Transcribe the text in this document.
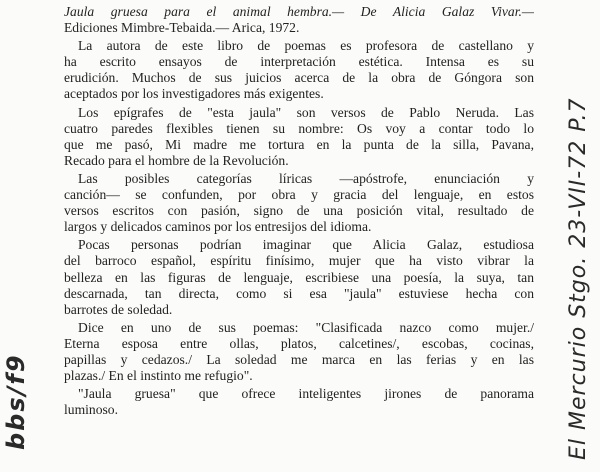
Jaula gruesa para el animal hembra.— De Alicia Galaz Vivar.—
Ediciones Mimbre-Tebaida.— Arica, 1972.
La autora de este libro de poemas es profesora de castellano y
ha escrito ensayos de interpretación estética. Intensa es su
erudición. Muchos de sus juicios acerca de la obra de Góngora son
aceptados por los investigadores más exigentes.
Los epígrafes de "esta jaula" son versos de Pablo Neruda. Las
cuatro paredes flexibles tienen su nombre: Os voy a contar todo lo
que me pasó, Mi madre me tortura en la punta de la silla, Pavana,
Recado para el hombre de la Revolución.
Las posibles categorías líricas —apóstrofe, enunciación y
canción— se confunden, por obra y gracia del lenguaje, en estos
versos escritos con pasión, signo de una posición vital, resultado de
largos y delicados caminos por los entresijos del idioma.
Pocas personas podrían imaginar que Alicia Galaz, estudiosa
del barroco español, espíritu finísimo, mujer que ha visto vibrar la
belleza en las figuras de lenguaje, escribiese una poesía, la suya, tan
descarnada, tan directa, como si esa "jaula" estuviese hecha con
barrotes de soledad.
Dice en uno de sus poemas: "Clasificada nazco como mujer./
Eterna esposa entre ollas, platos, calcetines/, escobas, cocinas,
papillas y cedazos./ La soledad me marca en las ferias y en las
plazas./ En el instinto me refugio".
"Jaula gruesa" que ofrece inteligentes jirones de panorama
luminoso.	El Mercurio Stgo. 23-VII-72 P.7
bbs/f9
